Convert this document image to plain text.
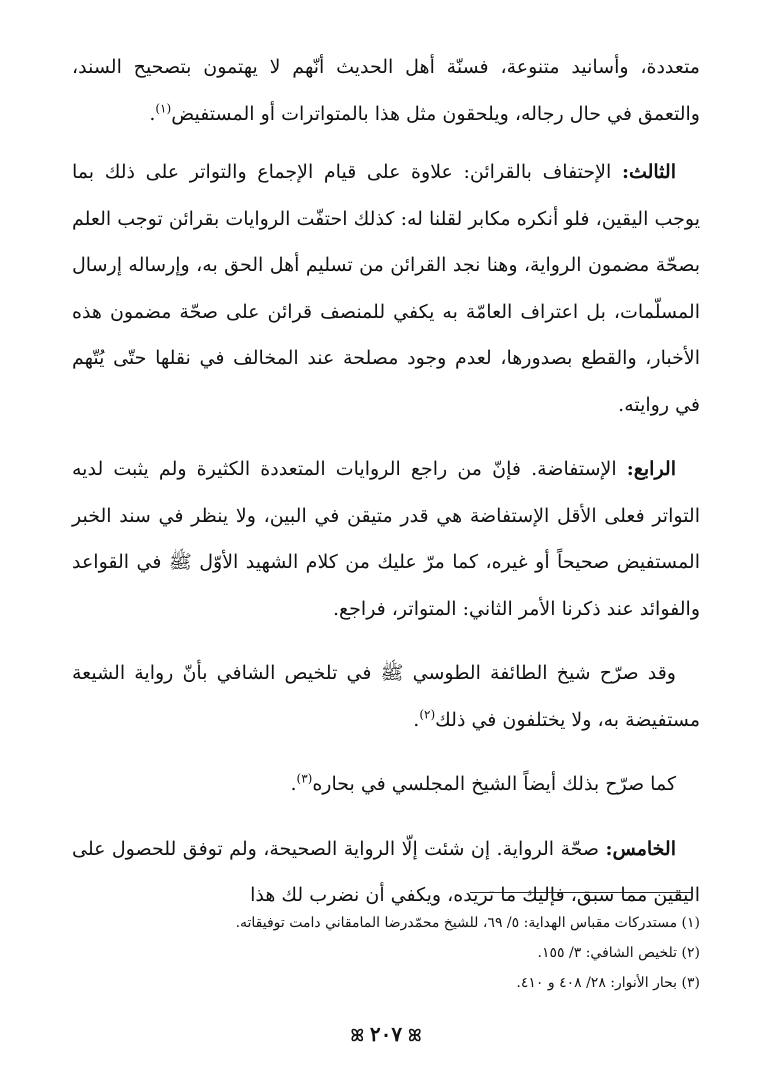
متعددة، وأسانيد متنوعة، فسنّة أهل الحديث أنّهم لا يهتمون بتصحيح السند، والتعمق في حال رجاله، ويلحقون مثل هذا بالمتواترات أو المستفيض$^{(١)}$.

الثالث: الإحتفاف بالقرائن: علاوة على قيام الإجماع والتواتر على ذلك بما يوجب اليقين، فلو أنكره مكابر لقلنا له: كذلك احتفّت الروايات بقرائن توجب العلم بصحّة مضمون الرواية، وهنا نجد القرائن من تسليم أهل الحق به، وإرساله إرسال المسلّمات، بل اعتراف العامّة به يكفي للمنصف قرائن على صحّة مضمون هذه الأخبار، والقطع بصدورها، لعدم وجود مصلحة عند المخالف في نقلها حتّى يُتّهم في روايته.

الرابع: الإستفاضة. فإنّ من راجع الروايات المتعددة الكثيرة ولم يثبت لديه التواتر فعلى الأقل الإستفاضة هي قدر متيقن في البين، ولا ينظر في سند الخبر المستفيض صحيحاً أو غيره، كما مرّ عليك من كلام الشهيد الأوّل ﷺ في القواعد والفوائد عند ذكرنا الأمر الثاني: المتواتر، فراجع.

وقد صرّح شيخ الطائفة الطوسي ﷺ في تلخيص الشافي بأنّ رواية الشيعة مستفيضة به، ولا يختلفون في ذلك$^{(٢)}$.

كما صرّح بذلك أيضاً الشيخ المجلسي في بحاره$^{(٣)}$.

الخامس: صحّة الرواية. إن شئت إلّا الرواية الصحيحة، ولم توفق للحصول على اليقين مما سبق، فإليك ما تريده، ويكفي أن نضرب لك هذا

(١) مستدركات مقباس الهداية: ٥/ ٦٩، للشيخ محمّدرضا المامقاني دامت توفيقاته.

(٢) تلخيص الشافي: ٣/ ١٥٥.

(٣) بحار الأنوار: ٢٨/ ٤٠٨ و ٤١٠.

ꕤ ٢٠٧ ꕤ
